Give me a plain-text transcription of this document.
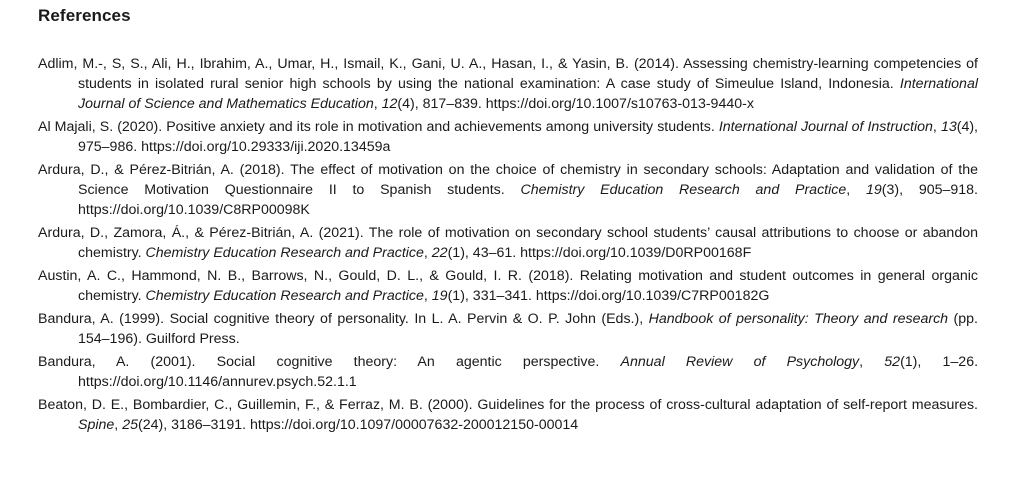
References
Adlim, M.-, S, S., Ali, H., Ibrahim, A., Umar, H., Ismail, K., Gani, U. A., Hasan, I., & Yasin, B. (2014). Assessing chemistry-learning competencies of students in isolated rural senior high schools by using the national examination: A case study of Simeulue Island, Indonesia. International Journal of Science and Mathematics Education, 12(4), 817–839. https://doi.org/10.1007/s10763-013-9440-x
Al Majali, S. (2020). Positive anxiety and its role in motivation and achievements among university students. International Journal of Instruction, 13(4), 975–986. https://doi.org/10.29333/iji.2020.13459a
Ardura, D., & Pérez-Bitrián, A. (2018). The effect of motivation on the choice of chemistry in secondary schools: Adaptation and validation of the Science Motivation Questionnaire II to Spanish students. Chemistry Education Research and Practice, 19(3), 905–918. https://doi.org/10.1039/C8RP00098K
Ardura, D., Zamora, Á., & Pérez-Bitrián, A. (2021). The role of motivation on secondary school students’ causal attributions to choose or abandon chemistry. Chemistry Education Research and Practice, 22(1), 43–61. https://doi.org/10.1039/D0RP00168F
Austin, A. C., Hammond, N. B., Barrows, N., Gould, D. L., & Gould, I. R. (2018). Relating motivation and student outcomes in general organic chemistry. Chemistry Education Research and Practice, 19(1), 331–341. https://doi.org/10.1039/C7RP00182G
Bandura, A. (1999). Social cognitive theory of personality. In L. A. Pervin & O. P. John (Eds.), Handbook of personality: Theory and research (pp. 154–196). Guilford Press.
Bandura, A. (2001). Social cognitive theory: An agentic perspective. Annual Review of Psychology, 52(1), 1–26. https://doi.org/10.1146/annurev.psych.52.1.1
Beaton, D. E., Bombardier, C., Guillemin, F., & Ferraz, M. B. (2000). Guidelines for the process of cross-cultural adaptation of self-report measures. Spine, 25(24), 3186–3191. https://doi.org/10.1097/00007632-200012150-00014
